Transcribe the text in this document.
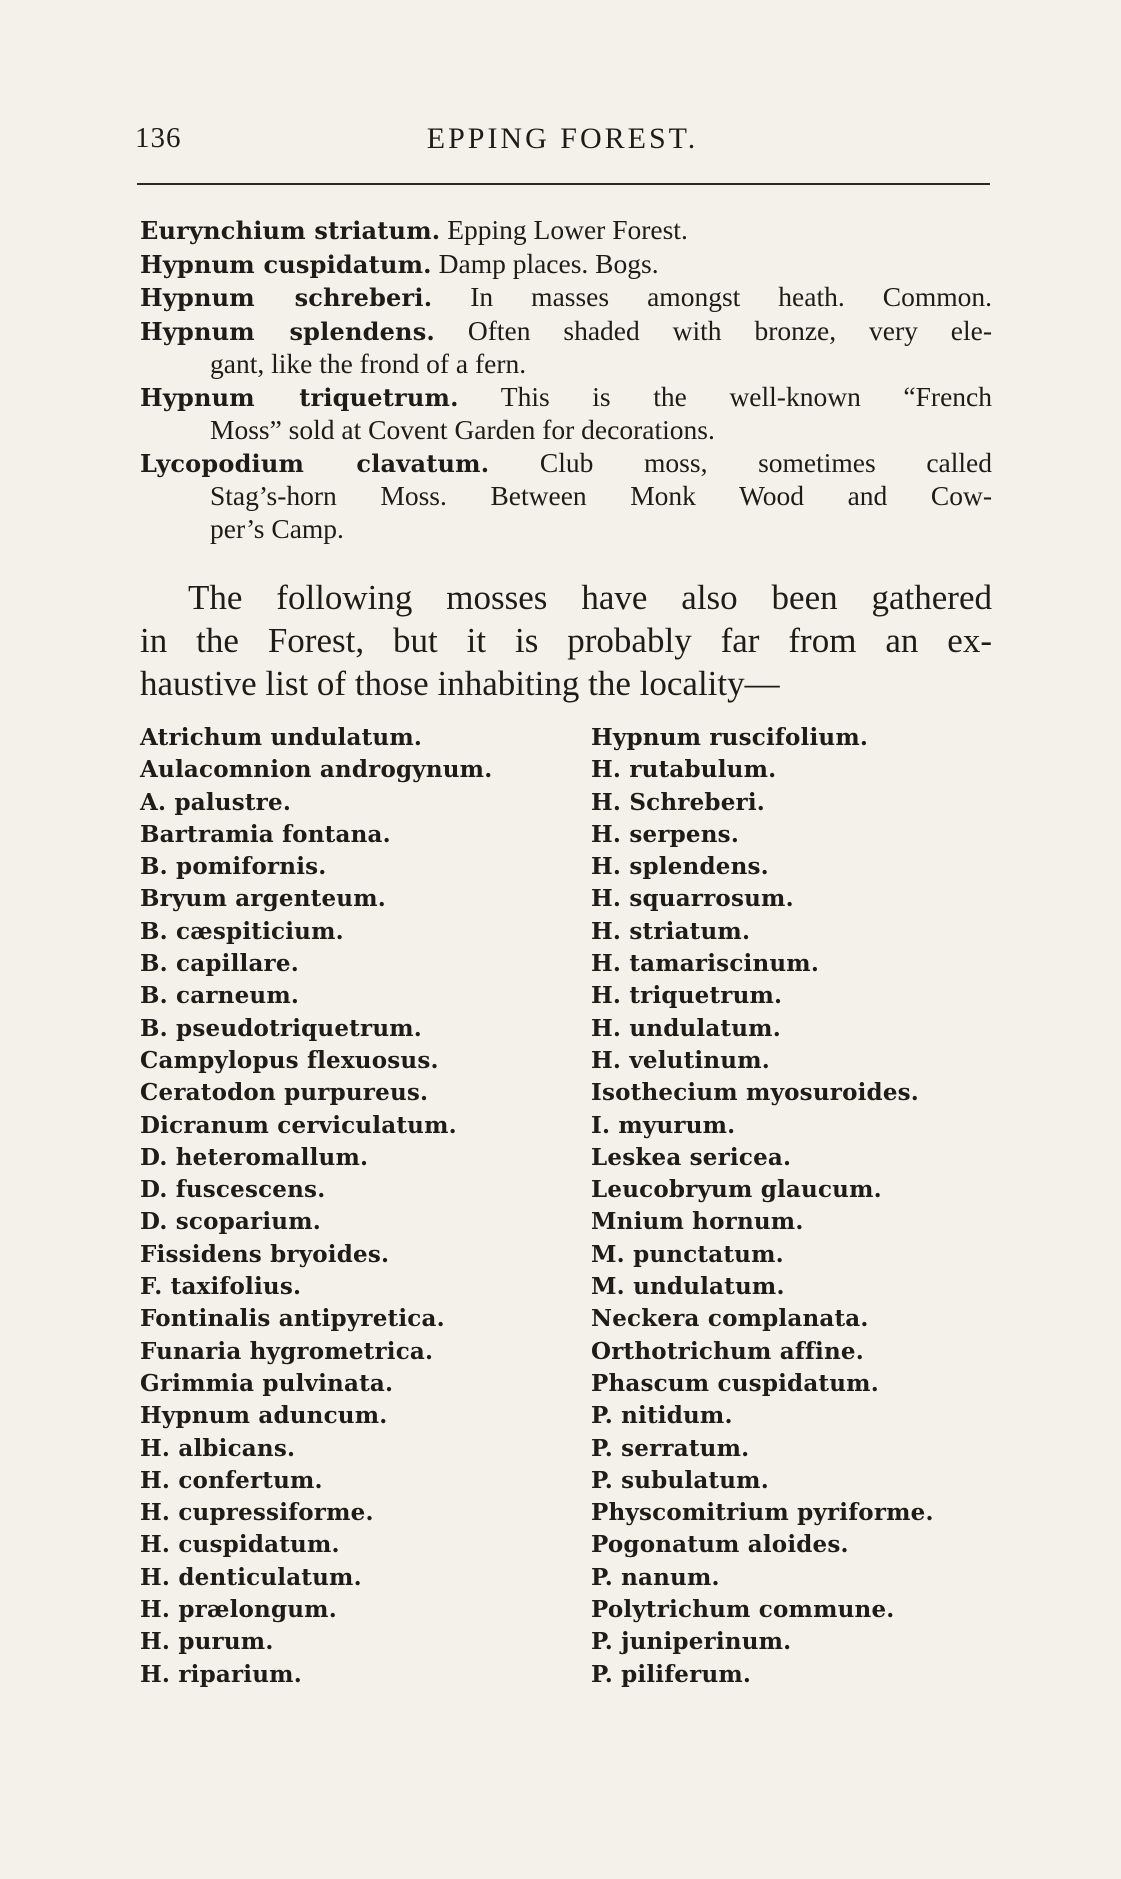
136	EPPING FOREST.
Eurynchium striatum. Epping Lower Forest.
Hypnum cuspidatum. Damp places. Bogs.
Hypnum schreberi. In masses amongst heath. Common.
Hypnum splendens. Often shaded with bronze, very ele-
gant, like the frond of a fern.
Hypnum triquetrum. This is the well-known “French
Moss” sold at Covent Garden for decorations.
Lycopodium clavatum. Club moss, sometimes called
Stag’s-horn Moss. Between Monk Wood and Cow-
per’s Camp.
The following mosses have also been gathered
in the Forest, but it is probably far from an ex-
haustive list of those inhabiting the locality—
Atrichum undulatum.
Aulacomnion androgynum.
A. palustre.
Bartramia fontana.
B. pomifornis.
Bryum argenteum.
B. cæspiticium.
B. capillare.
B. carneum.
B. pseudotriquetrum.
Campylopus flexuosus.
Ceratodon purpureus.
Dicranum cerviculatum.
D. heteromallum.
D. fuscescens.
D. scoparium.
Fissidens bryoides.
F. taxifolius.
Fontinalis antipyretica.
Funaria hygrometrica.
Grimmia pulvinata.
Hypnum aduncum.
H. albicans.
H. confertum.
H. cupressiforme.
H. cuspidatum.
H. denticulatum.
H. prælongum.
H. purum.
H. riparium.
Hypnum ruscifolium.
H. rutabulum.
H. Schreberi.
H. serpens.
H. splendens.
H. squarrosum.
H. striatum.
H. tamariscinum.
H. triquetrum.
H. undulatum.
H. velutinum.
Isothecium myosuroides.
I. myurum.
Leskea sericea.
Leucobryum glaucum.
Mnium hornum.
M. punctatum.
M. undulatum.
Neckera complanata.
Orthotrichum affine.
Phascum cuspidatum.
P. nitidum.
P. serratum.
P. subulatum.
Physcomitrium pyriforme.
Pogonatum aloides.
P. nanum.
Polytrichum commune.
P. juniperinum.
P. piliferum.
